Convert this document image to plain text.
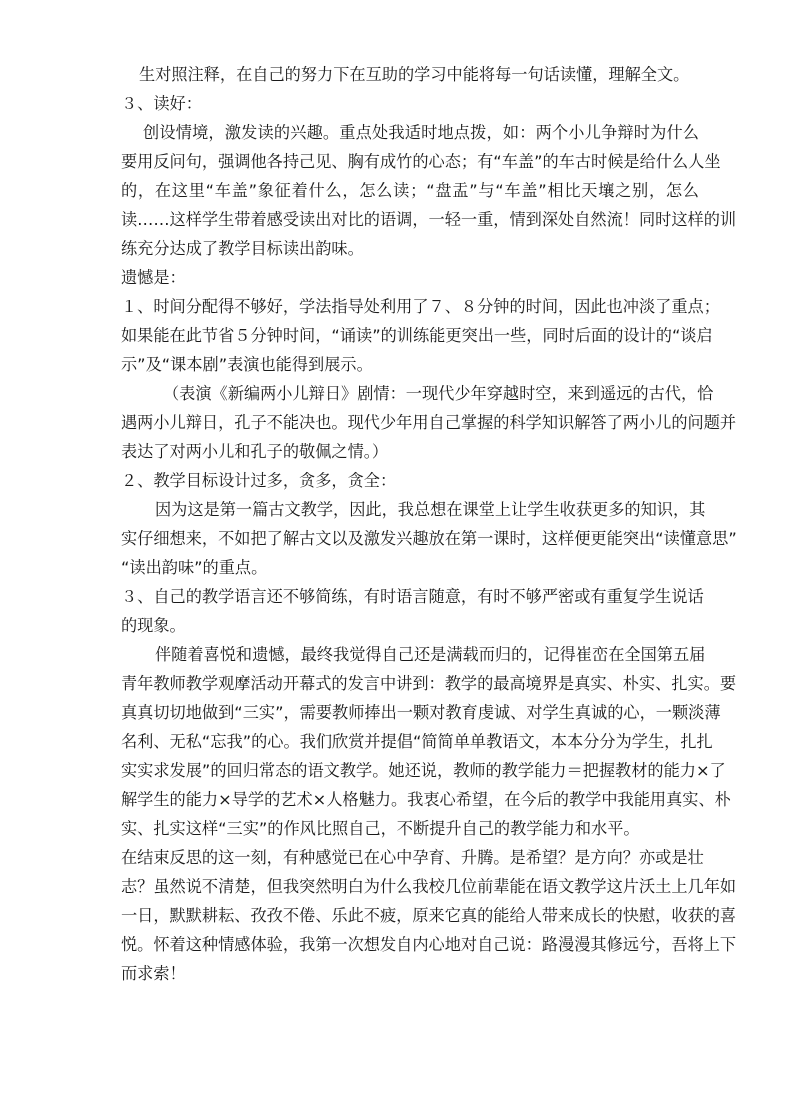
生对照注释，在自己的努力下在互助的学习中能将每一句话读懂，理解全文。
３、读好：
创设情境，激发读的兴趣。重点处我适时地点拨，如：两个小儿争辩时为什么
要用反问句，强调他各持己见、胸有成竹的心态；有“车盖”的车古时候是给什么人坐
的，在这里“车盖”象征着什么，怎么读；“盘盂”与“车盖”相比天壤之别，怎么
读……这样学生带着感受读出对比的语调，一轻一重，情到深处自然流！同时这样的训
练充分达成了教学目标读出韵味。
遗憾是：
１、时间分配得不够好，学法指导处利用了７、８分钟的时间，因此也冲淡了重点；
如果能在此节省５分钟时间，“诵读”的训练能更突出一些，同时后面的设计的“谈启
示”及“课本剧”表演也能得到展示。
（表演《新编两小儿辩日》剧情：一现代少年穿越时空，来到遥远的古代，恰
遇两小儿辩日，孔子不能决也。现代少年用自己掌握的科学知识解答了两小儿的问题并
表达了对两小儿和孔子的敬佩之情。）
２、教学目标设计过多，贪多，贪全：
因为这是第一篇古文教学，因此，我总想在课堂上让学生收获更多的知识，其
实仔细想来，不如把了解古文以及激发兴趣放在第一课时，这样便更能突出“读懂意思”
“读出韵味”的重点。
３、自己的教学语言还不够简练，有时语言随意，有时不够严密或有重复学生说话
的现象。
伴随着喜悦和遗憾，最终我觉得自己还是满载而归的，记得崔峦在全国第五届
青年教师教学观摩活动开幕式的发言中讲到：教学的最高境界是真实、朴实、扎实。要
真真切切地做到“三实”，需要教师捧出一颗对教育虔诚、对学生真诚的心，一颗淡薄
名利、无私“忘我”的心。我们欣赏并提倡“简简单单教语文，本本分分为学生，扎扎
实实求发展”的回归常态的语文教学。她还说，教师的教学能力＝把握教材的能力×了
解学生的能力×导学的艺术×人格魅力。我衷心希望，在今后的教学中我能用真实、朴
实、扎实这样“三实”的作风比照自己，不断提升自己的教学能力和水平。
在结束反思的这一刻，有种感觉已在心中孕育、升腾。是希望？是方向？亦或是壮
志？虽然说不清楚，但我突然明白为什么我校几位前辈能在语文教学这片沃土上几年如
一日，默默耕耘、孜孜不倦、乐此不疲，原来它真的能给人带来成长的快慰，收获的喜
悦。怀着这种情感体验，我第一次想发自内心地对自己说：路漫漫其修远兮，吾将上下
而求索！
